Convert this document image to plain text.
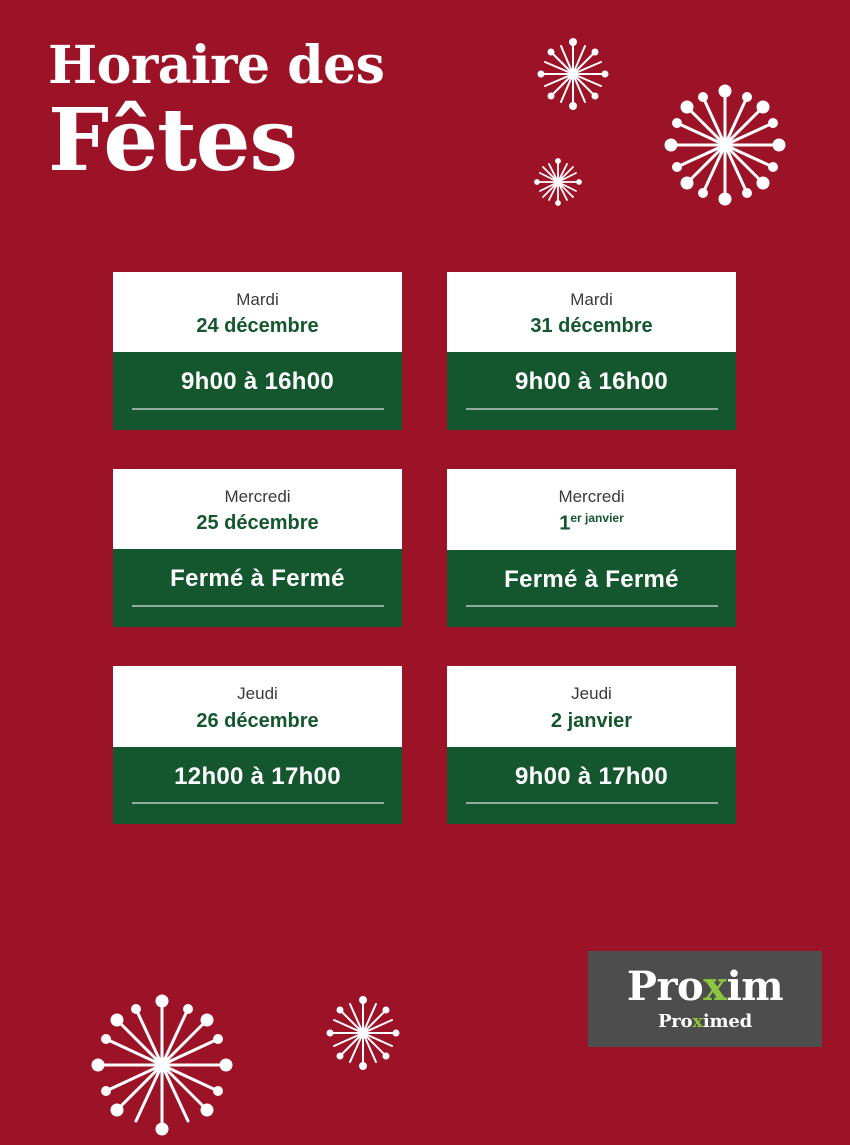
Horaire des
Fêtes
Mardi
24 décembre
9h00 à 16h00
Mardi
31 décembre
9h00 à 16h00
Mercredi
25 décembre
Fermé à Fermé
Mercredi
$1^{er janvier}$
Fermé à Fermé
Jeudi
26 décembre
12h00 à 17h00
Jeudi
2 janvier
9h00 à 17h00
Proxim
Proximed
